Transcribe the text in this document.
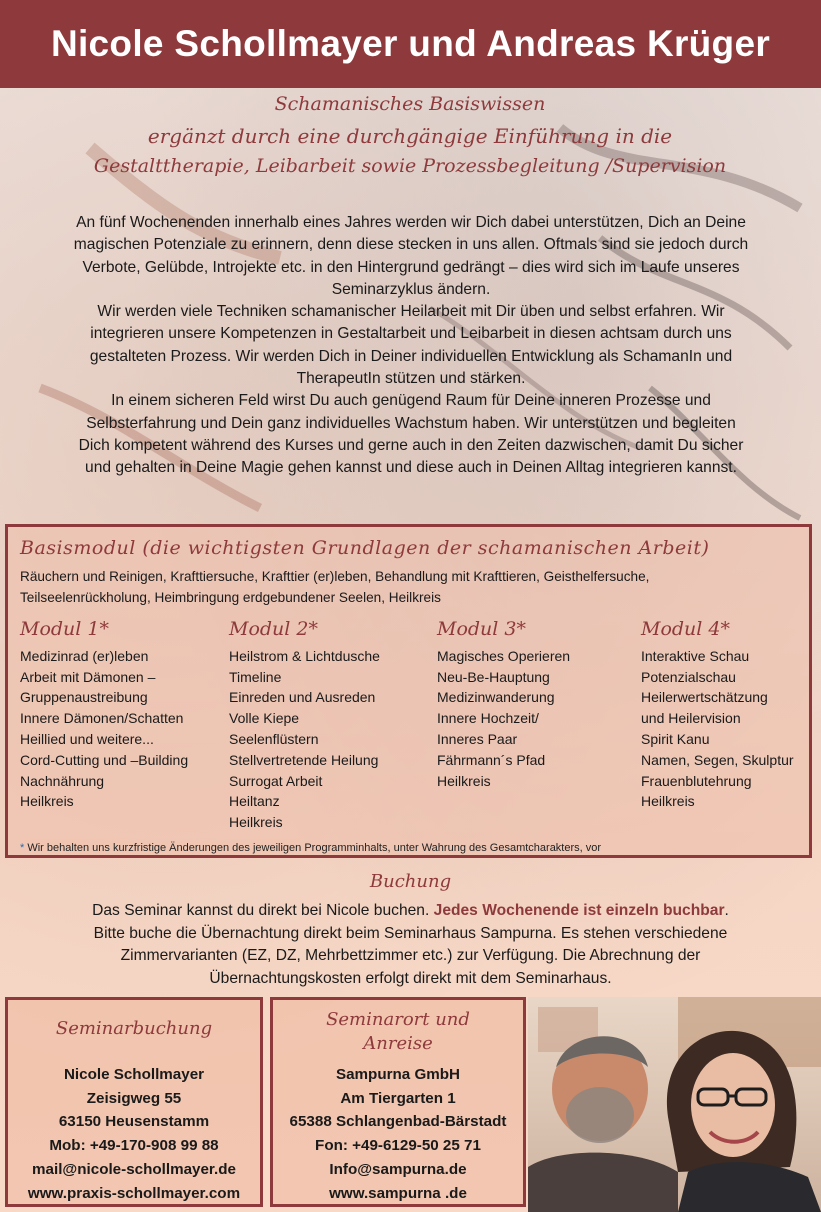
Nicole Schollmayer und Andreas Krüger
Schamanisches Basiswissen
ergänzt durch eine durchgängige Einführung in die
Gestalttherapie, Leibarbeit sowie Prozessbegleitung /Supervision
An fünf Wochenenden innerhalb eines Jahres werden wir Dich dabei unterstützen, Dich an Deine
magischen Potenziale zu erinnern, denn diese stecken in uns allen. Oftmals sind sie jedoch durch
Verbote, Gelübde, Introjekte etc. in den Hintergrund gedrängt – dies wird sich im Laufe unseres
Seminarzyklus ändern.
Wir werden viele Techniken schamanischer Heilarbeit mit Dir üben und selbst erfahren. Wir
integrieren unsere Kompetenzen in Gestaltarbeit und Leibarbeit in diesen achtsam durch uns
gestalteten Prozess. Wir werden Dich in Deiner individuellen Entwicklung als SchamanIn und
TherapeutIn stützen und stärken.
In einem sicheren Feld wirst Du auch genügend Raum für Deine inneren Prozesse und
Selbsterfahrung und Dein ganz individuelles Wachstum haben. Wir unterstützen und begleiten
Dich kompetent während des Kurses und gerne auch in den Zeiten dazwischen, damit Du sicher
und gehalten in Deine Magie gehen kannst und diese auch in Deinen Alltag integrieren kannst.
Basismodul (die wichtigsten Grundlagen der schamanischen Arbeit)
Räuchern und Reinigen, Krafttiersuche, Krafttier (er)leben, Behandlung mit Krafttieren, Geisthelfersuche,
Teilseelenrückholung, Heimbringung erdgebundener Seelen, Heilkreis
Modul 1*
Medizinrad (er)leben
Arbeit mit Dämonen –
Gruppenaustreibung
Innere Dämonen/Schatten
Heillied und weitere...
Cord-Cutting und –Building
Nachnährung
Heilkreis
Modul 2*
Heilstrom & Lichtdusche
Timeline
Einreden und Ausreden
Volle Kiepe
Seelenflüstern
Stellvertretende Heilung
Surrogat Arbeit
Heiltanz
Heilkreis
Modul 3*
Magisches Operieren
Neu-Be-Hauptung
Medizinwanderung
Innere Hochzeit/
Inneres Paar
Fährmann´s Pfad
Heilkreis
Modul 4*
Interaktive Schau
Potenzialschau
Heilerwertschätzung
und Heilervision
Spirit Kanu
Namen, Segen, Skulptur
Frauenblutehrung
Heilkreis
* Wir behalten uns kurzfristige Änderungen des jeweiligen Programminhalts, unter Wahrung des Gesamtcharakters, vor
Buchung
Das Seminar kannst du direkt bei Nicole buchen. Jedes Wochenende ist einzeln buchbar.
Bitte buche die Übernachtung direkt beim Seminarhaus Sampurna. Es stehen verschiedene
Zimmervarianten (EZ, DZ, Mehrbettzimmer etc.) zur Verfügung. Die Abrechnung der
Übernachtungskosten erfolgt direkt mit dem Seminarhaus.
Seminarbuchung
Nicole Schollmayer
Zeisigweg 55
63150 Heusenstamm
Mob: +49-170-908 99 88
mail@nicole-schollmayer.de
www.praxis-schollmayer.com
Seminarort und
Anreise
Sampurna GmbH
Am Tiergarten 1
65388 Schlangenbad-Bärstadt
Fon: +49-6129-50 25 71
Info@sampurna.de
www.sampurna .de
